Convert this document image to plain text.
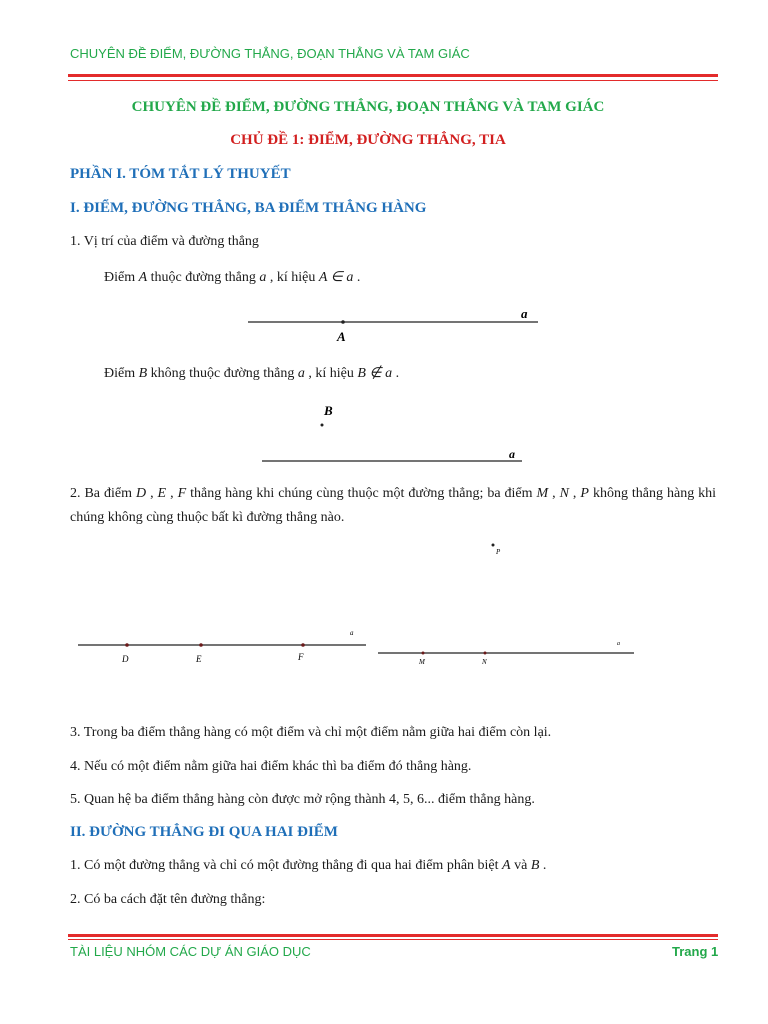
CHUYÊN ĐỀ ĐIỂM, ĐƯỜNG THẲNG, ĐOẠN THẲNG VÀ TAM GIÁC
CHUYÊN ĐỀ ĐIỂM, ĐƯỜNG THẲNG, ĐOẠN THẲNG VÀ TAM GIÁC
CHỦ ĐỀ 1: ĐIỂM, ĐƯỜNG THẲNG, TIA
PHẦN I. TÓM TẮT LÝ THUYẾT
I. ĐIỂM, ĐƯỜNG THẲNG, BA ĐIỂM THẲNG HÀNG
1. Vị trí của điểm và đường thẳng
Điểm A thuộc đường thẳng a , kí hiệu A ∈ a .
A
a
Điểm B không thuộc đường thẳng a , kí hiệu B ∉ a .
B
a
2. Ba điểm D , E , F thẳng hàng khi chúng cùng thuộc một đường thẳng; ba điểm M , N , P không thẳng hàng khi chúng không cùng thuộc bất kì đường thẳng nào.
D	E	F
a
P
M	N
a
3. Trong ba điểm thẳng hàng có một điểm và chỉ một điểm nằm giữa hai điểm còn lại.
4. Nếu có một điểm nằm giữa hai điểm khác thì ba điểm đó thẳng hàng.
5. Quan hệ ba điểm thẳng hàng còn được mở rộng thành 4, 5, 6... điểm thẳng hàng.
II. ĐƯỜNG THẲNG ĐI QUA HAI ĐIỂM
1. Có một đường thẳng và chỉ có một đường thẳng đi qua hai điểm phân biệt A và B .
2. Có ba cách đặt tên đường thẳng:
TÀI LIỆU NHÓM CÁC DỰ ÁN GIÁO DỤC	Trang 1
